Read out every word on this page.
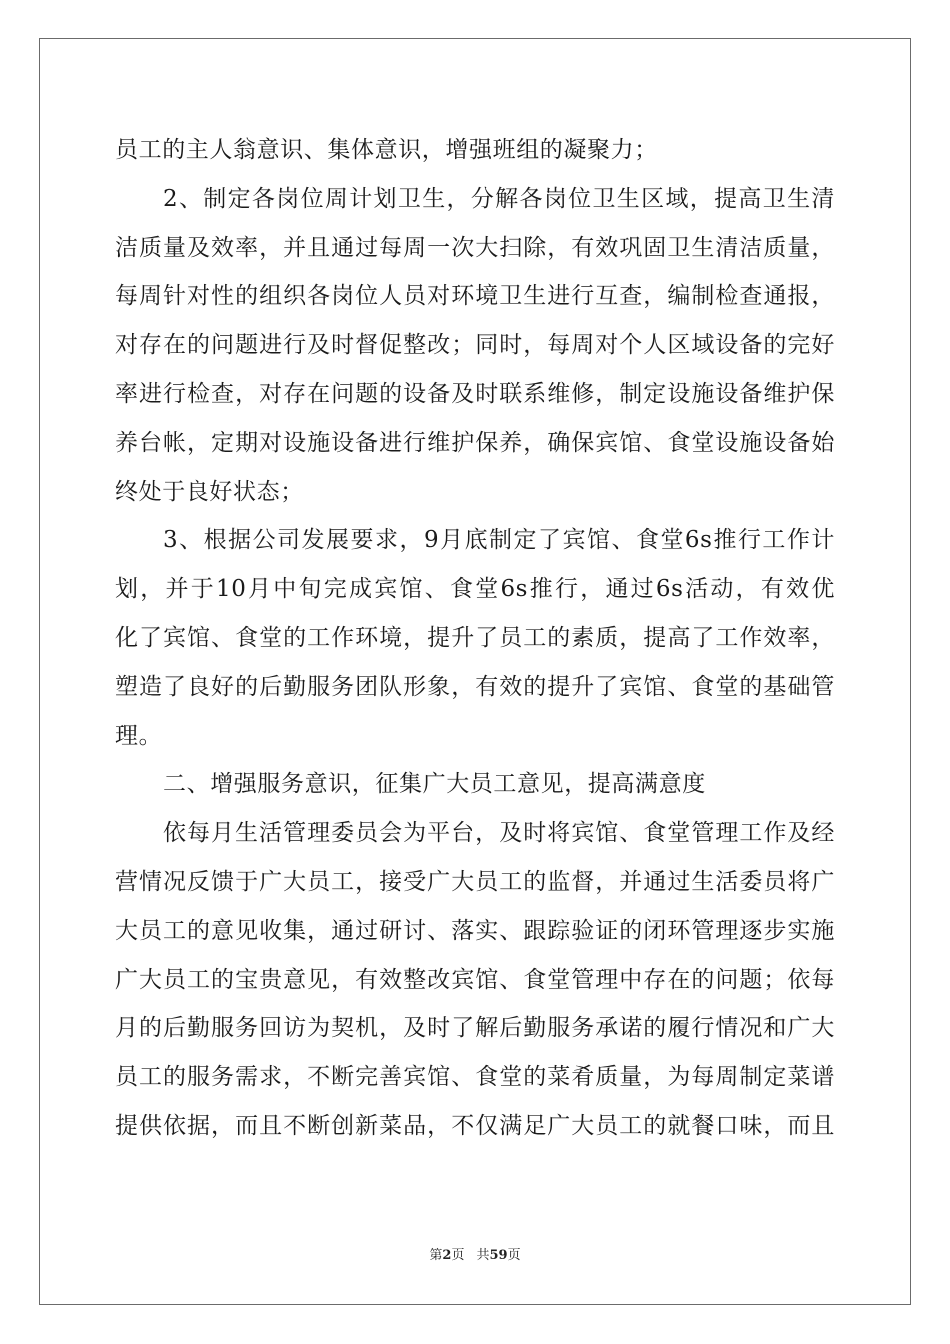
员工的主人翁意识、集体意识，增强班组的凝聚力；
2、制定各岗位周计划卫生，分解各岗位卫生区域，提高卫生清
洁质量及效率，并且通过每周一次大扫除，有效巩固卫生清洁质量，
每周针对性的组织各岗位人员对环境卫生进行互查，编制检查通报，
对存在的问题进行及时督促整改；同时，每周对个人区域设备的完好
率进行检查，对存在问题的设备及时联系维修，制定设施设备维护保
养台帐，定期对设施设备进行维护保养，确保宾馆、食堂设施设备始
终处于良好状态；
3、根据公司发展要求，9月底制定了宾馆、食堂6s推行工作计
划，并于10月中旬完成宾馆、食堂6s推行，通过6s活动，有效优
化了宾馆、食堂的工作环境，提升了员工的素质，提高了工作效率，
塑造了良好的后勤服务团队形象，有效的提升了宾馆、食堂的基础管
理。
二、增强服务意识，征集广大员工意见，提高满意度
依每月生活管理委员会为平台，及时将宾馆、食堂管理工作及经
营情况反馈于广大员工，接受广大员工的监督，并通过生活委员将广
大员工的意见收集，通过研讨、落实、跟踪验证的闭环管理逐步实施
广大员工的宝贵意见，有效整改宾馆、食堂管理中存在的问题；依每
月的后勤服务回访为契机，及时了解后勤服务承诺的履行情况和广大
员工的服务需求，不断完善宾馆、食堂的菜肴质量，为每周制定菜谱
提供依据，而且不断创新菜品，不仅满足广大员工的就餐口味，而且
第2页 共59页
